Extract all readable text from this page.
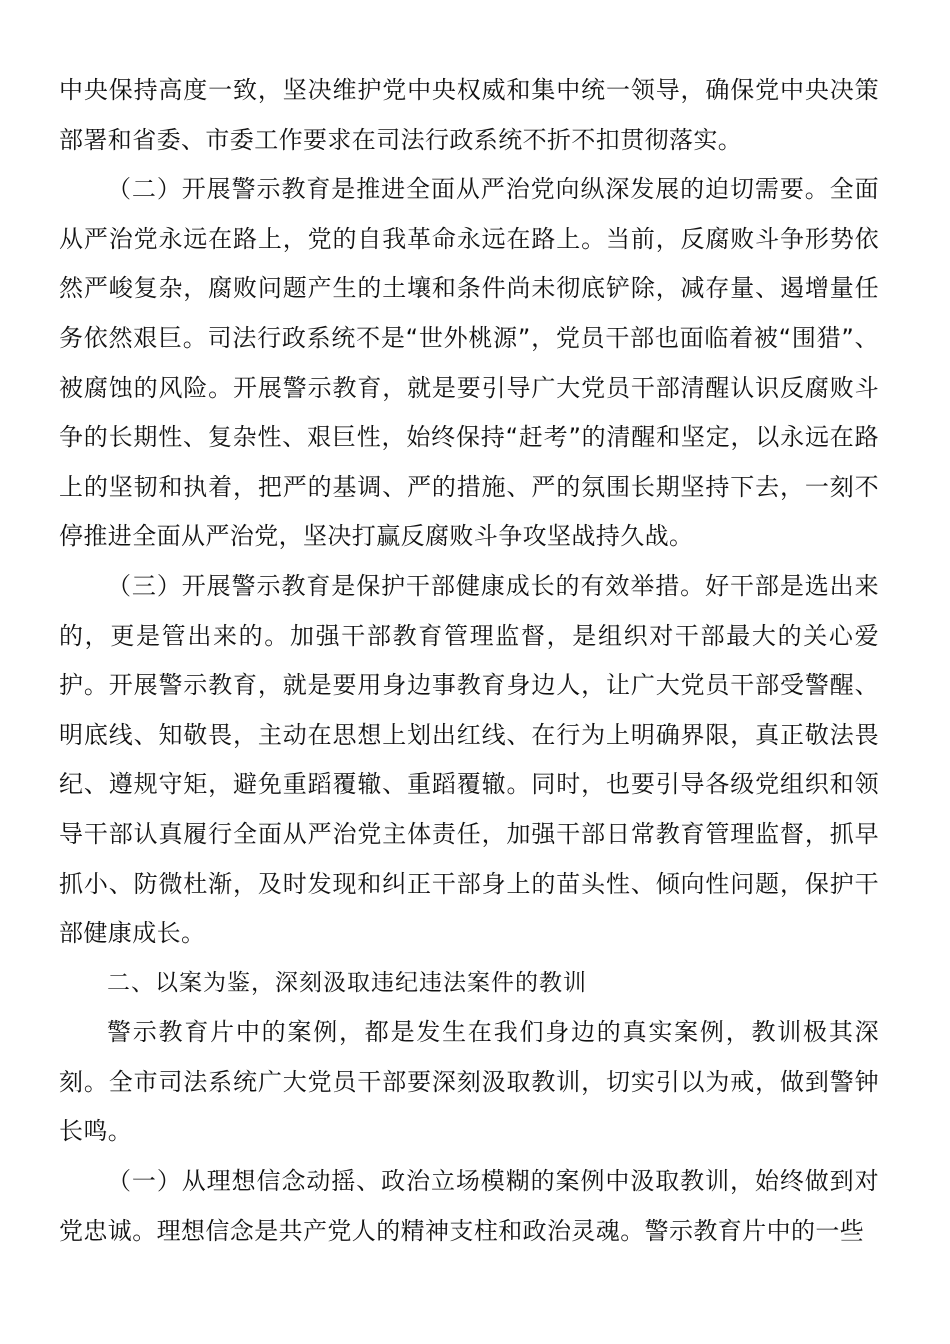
中央保持高度一致，坚决维护党中央权威和集中统一领导，确保党中央决策部署和省委、市委工作要求在司法行政系统不折不扣贯彻落实。

（二）开展警示教育是推进全面从严治党向纵深发展的迫切需要。全面从严治党永远在路上，党的自我革命永远在路上。当前，反腐败斗争形势依然严峻复杂，腐败问题产生的土壤和条件尚未彻底铲除，减存量、遏增量任务依然艰巨。司法行政系统不是“世外桃源”，党员干部也面临着被“围猎”、被腐蚀的风险。开展警示教育，就是要引导广大党员干部清醒认识反腐败斗争的长期性、复杂性、艰巨性，始终保持“赶考”的清醒和坚定，以永远在路上的坚韧和执着，把严的基调、严的措施、严的氛围长期坚持下去，一刻不停推进全面从严治党，坚决打赢反腐败斗争攻坚战持久战。

（三）开展警示教育是保护干部健康成长的有效举措。好干部是选出来的，更是管出来的。加强干部教育管理监督，是组织对干部最大的关心爱护。开展警示教育，就是要用身边事教育身边人，让广大党员干部受警醒、明底线、知敬畏，主动在思想上划出红线、在行为上明确界限，真正敬法畏纪、遵规守矩，避免重蹈覆辙、重蹈覆辙。同时，也要引导各级党组织和领导干部认真履行全面从严治党主体责任，加强干部日常教育管理监督，抓早抓小、防微杜渐，及时发现和纠正干部身上的苗头性、倾向性问题，保护干部健康成长。

二、以案为鉴，深刻汲取违纪违法案件的教训

警示教育片中的案例，都是发生在我们身边的真实案例，教训极其深刻。全市司法系统广大党员干部要深刻汲取教训，切实引以为戒，做到警钟长鸣。

（一）从理想信念动摇、政治立场模糊的案例中汲取教训，始终做到对党忠诚。理想信念是共产党人的精神支柱和政治灵魂。警示教育片中的一些
